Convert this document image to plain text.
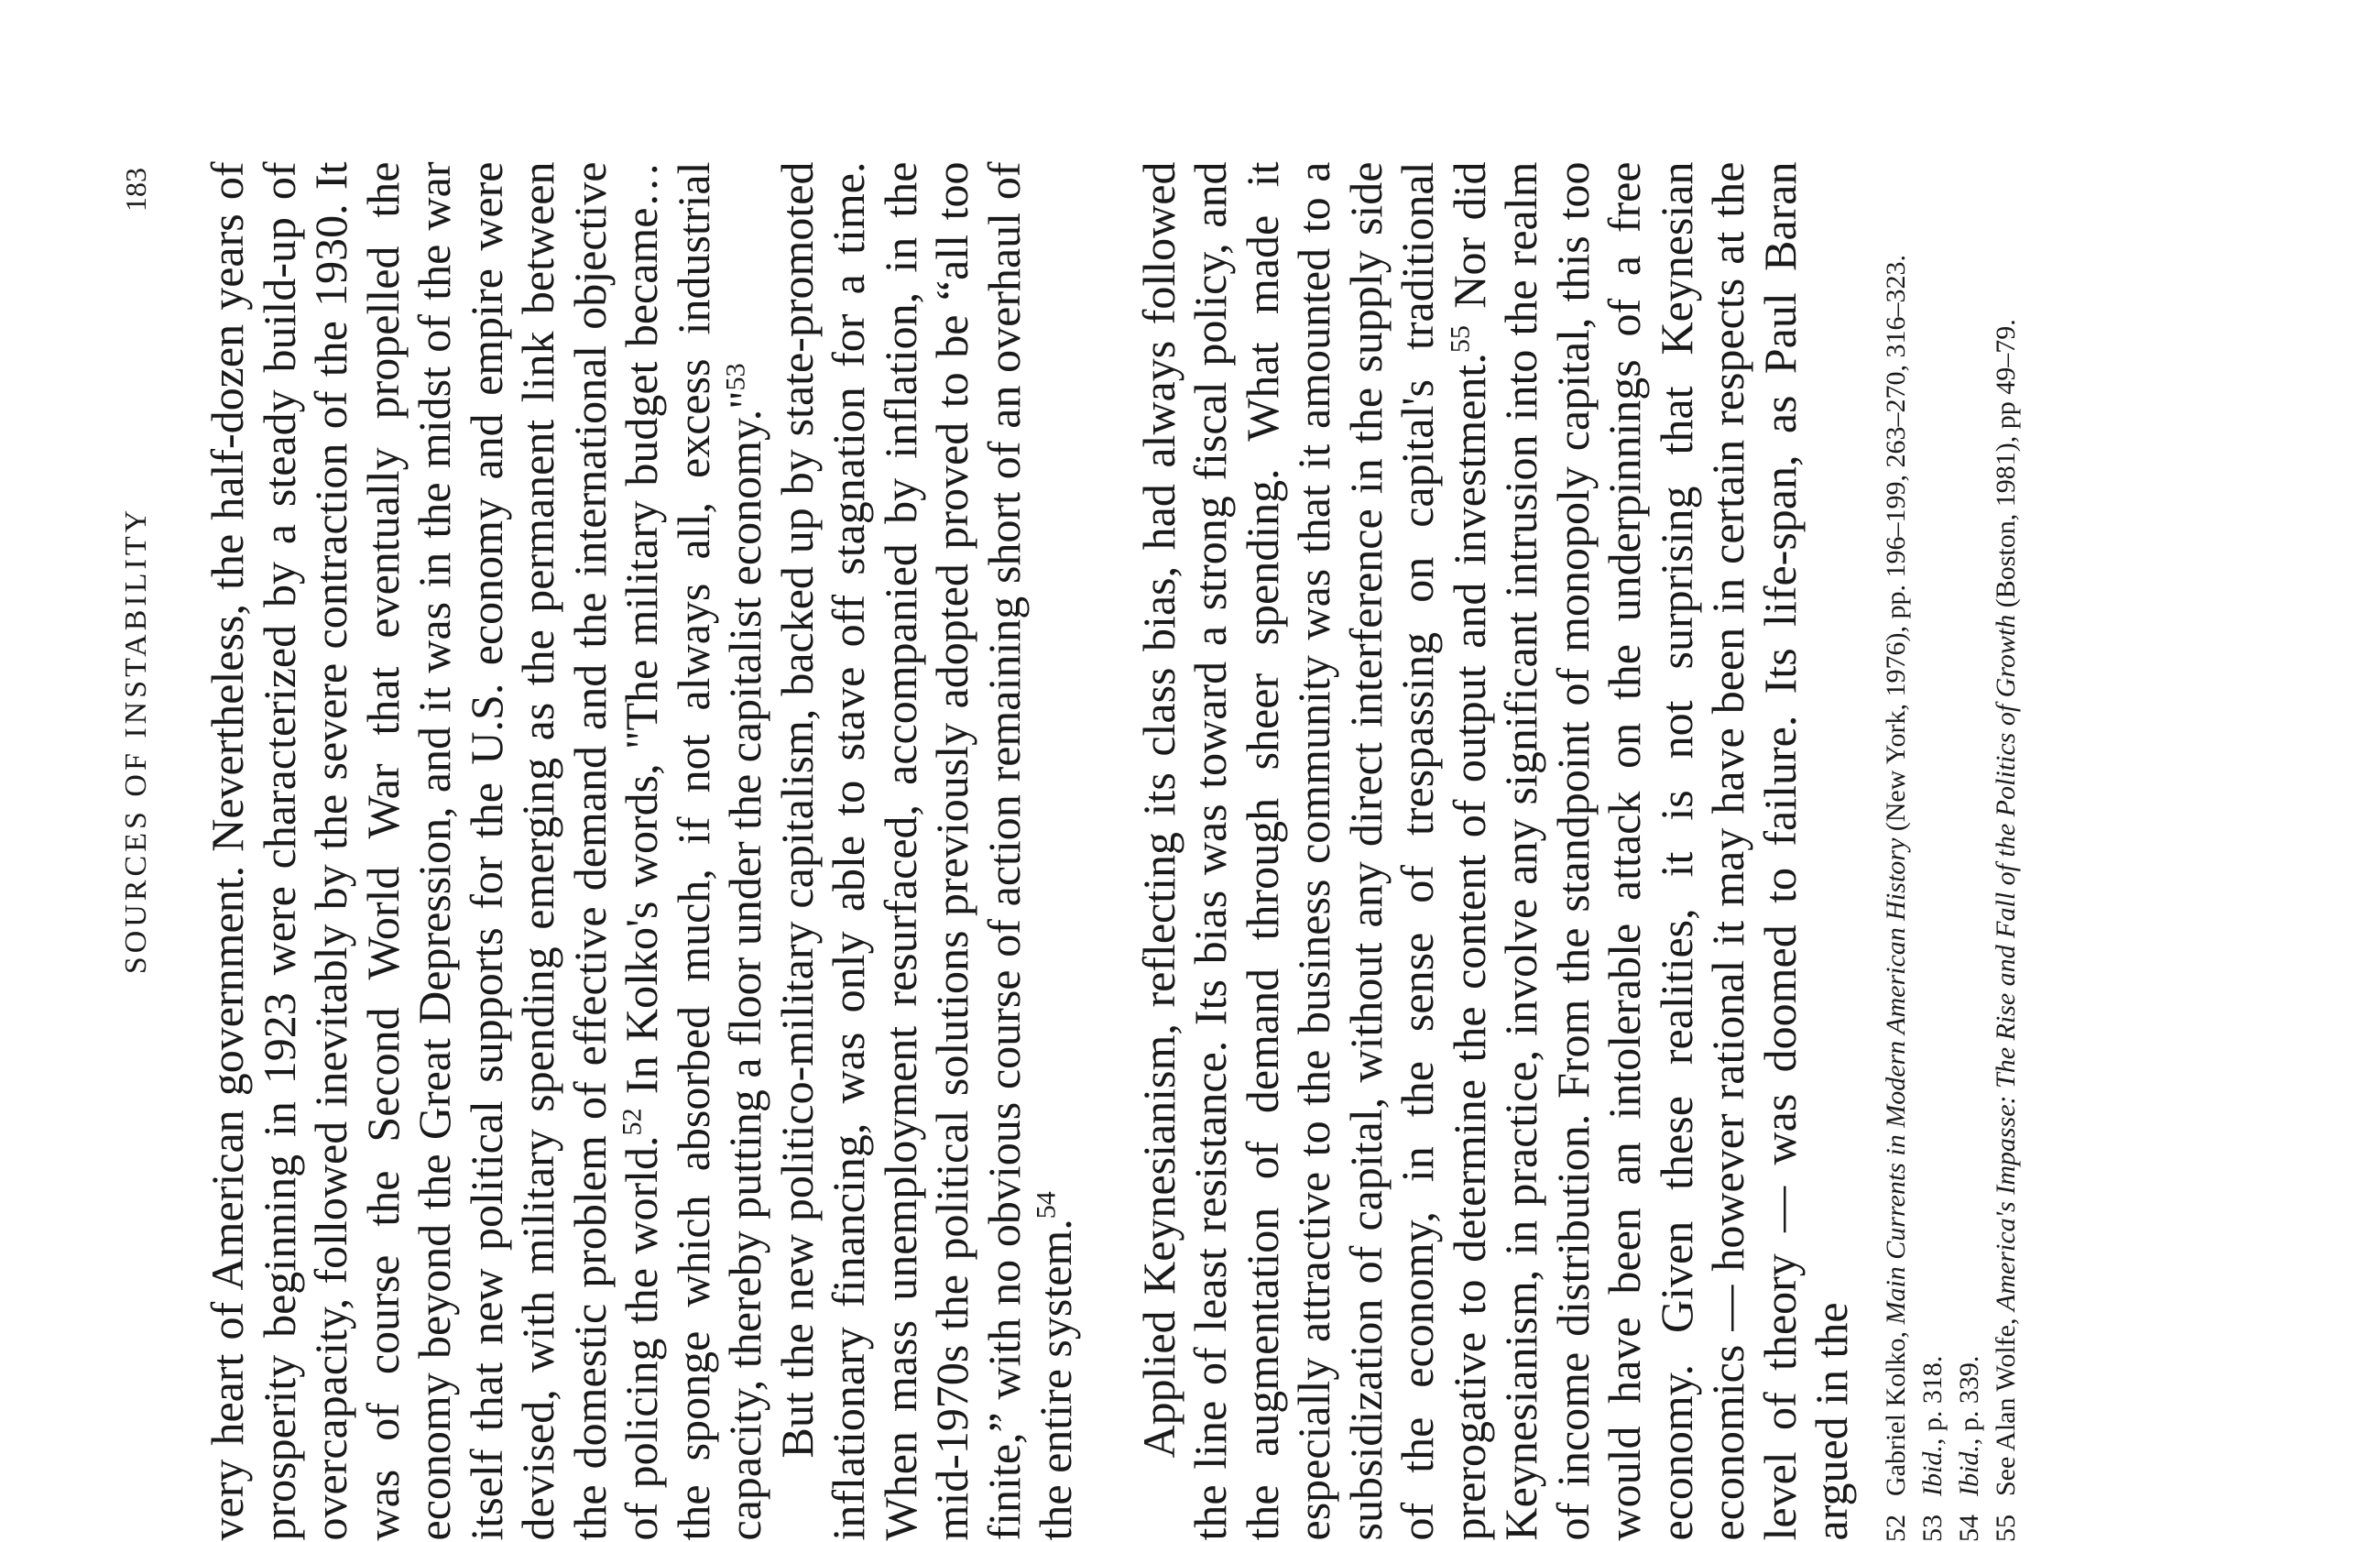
SOURCES OF INSTABILITY
183 very heart of American government. Nevertheless, the half-dozen years of prosperity beginning in 1923 were characterized by a steady build-up of overcapacity, followed inevitably by the severe contraction of the 1930. It was of course the Second World War that eventually propelled the economy beyond the Great Depression, and it was in the midst of the war itself that new political supports for the U.S. economy and empire were devised, with military spending emerging as the permanent link between the domestic problem of effective demand and the international objective of policing the world.$^{52}$ In Kolko's words, "The military budget became… the sponge which absorbed much, if not always all, excess industrial capacity, thereby putting a floor under the capitalist economy."$^{53}$ But the new politico-military capitalism, backed up by state-promoted inflationary financing, was only able to stave off stagnation for a time. When mass unemployment resurfaced, accompanied by inflation, in the mid-1970s the political solutions previously adopted proved to be “all too finite,” with no obvious course of action remaining short of an overhaul of the entire system.$^{54}$	Applied Keynesianism, reflecting its class bias, had always followed the line of least resistance. Its bias was toward a strong fiscal policy, and the augmentation of demand through sheer spending. What made it especially attractive to the business community was that it amounted to a subsidization of capital, without any direct interference in the supply side of the economy, in the sense of trespassing on capital's traditional prerogative to determine the content of output and investment.$^{55}$ Nor did Keynesianism, in practice, involve any significant intrusion into the realm of income distribution. From the standpoint of monopoly capital, this too would have been an intolerable attack on the underpinnings of a free economy. Given these realities, it is not surprising that Keynesian economics — however rational it may have been in certain respects at the level of theory — was doomed to failure. Its life-span, as Paul Baran argued in the 52Gabriel Kolko, Main Currents in Modern American History (New York, 1976), pp. 196–199, 263–270, 316–323.
53Ibid., p. 318.
54Ibid., p. 339.
55See Alan Wolfe, America's Impasse: The Rise and Fall of the Politics of Growth (Boston, 1981), pp 49–79.
